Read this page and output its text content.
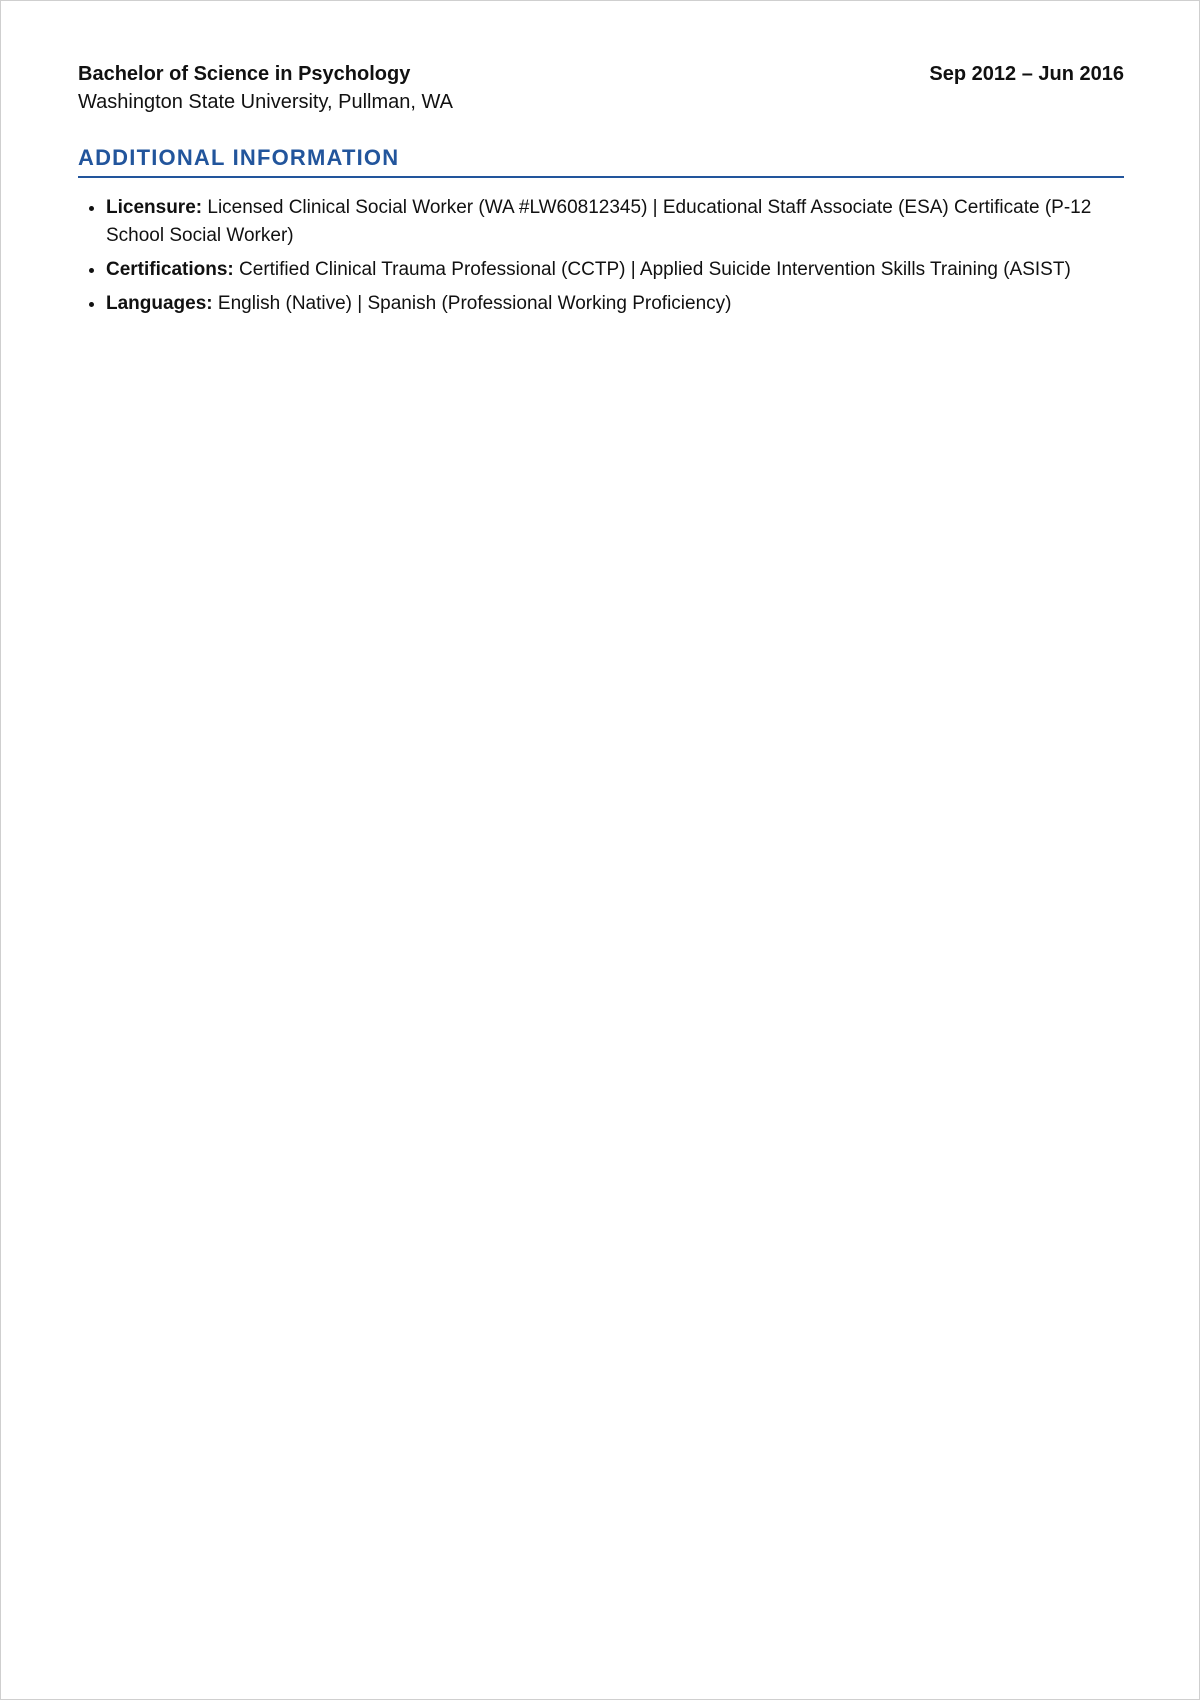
Bachelor of Science in Psychology	Sep 2012 – Jun 2016
Washington State University, Pullman, WA
ADDITIONAL INFORMATION
• Licensure: Licensed Clinical Social Worker (WA #LW60812345) | Educational Staff Associate (ESA) Certificate (P-12 School Social Worker)
• Certifications: Certified Clinical Trauma Professional (CCTP) | Applied Suicide Intervention Skills Training (ASIST)
• Languages: English (Native) | Spanish (Professional Working Proficiency)
